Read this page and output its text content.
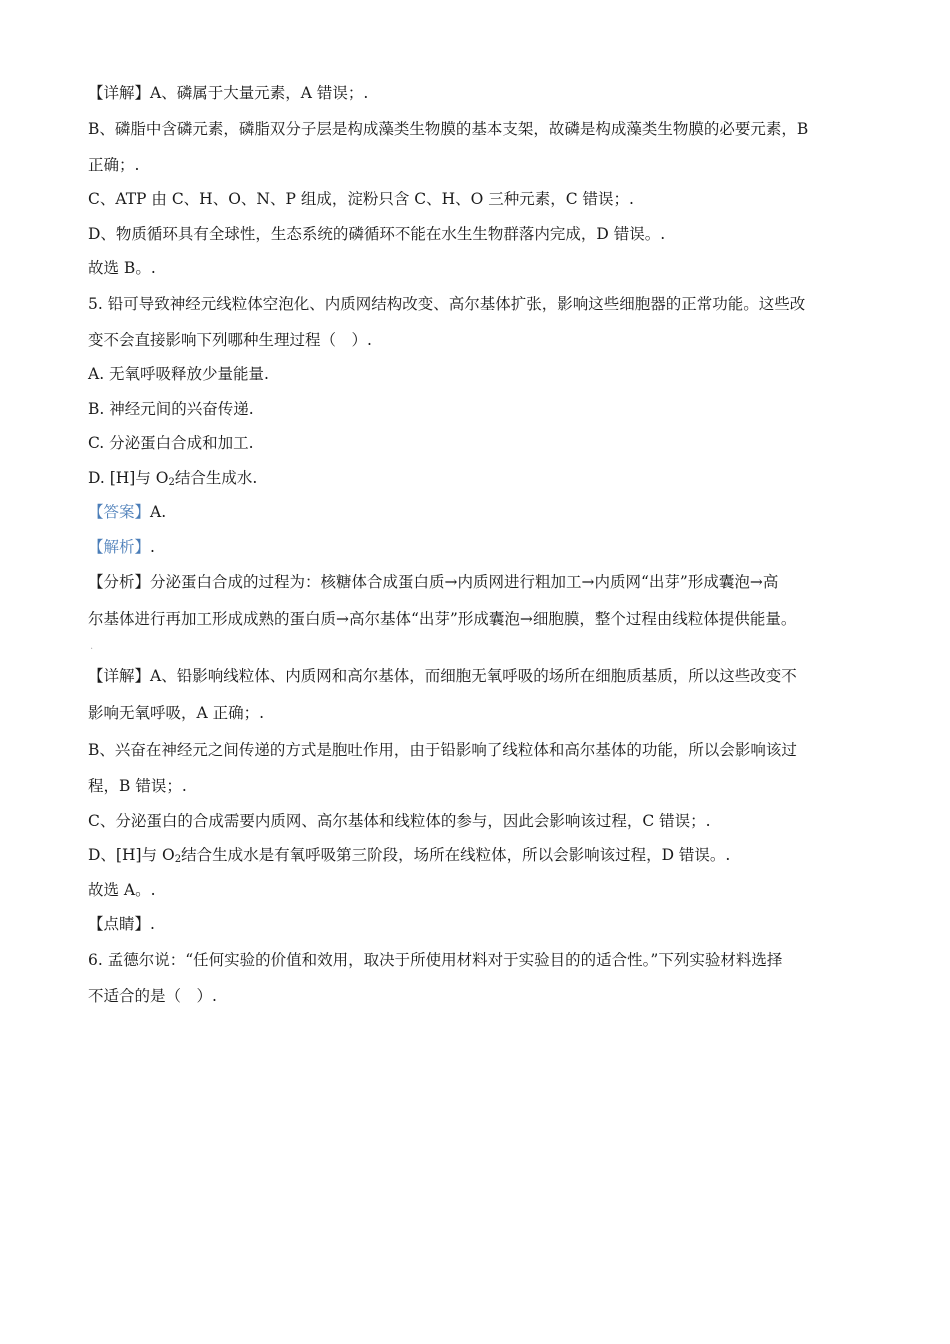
【详解】A、磷属于大量元素，A 错误；.
B、磷脂中含磷元素，磷脂双分子层是构成藻类生物膜的基本支架，故磷是构成藻类生物膜的必要元素，B
正确；.
C、ATP 由 C、H、O、N、P 组成，淀粉只含 C、H、O 三种元素，C 错误；.
D、物质循环具有全球性，生态系统的磷循环不能在水生生物群落内完成，D 错误。.
故选 B。.
5. 铅可导致神经元线粒体空泡化、内质网结构改变、高尔基体扩张，影响这些细胞器的正常功能。这些改
变不会直接影响下列哪种生理过程（　）.
A. 无氧呼吸释放少量能量.
B. 神经元间的兴奋传递.
C. 分泌蛋白合成和加工.
D. [H]与 $O_2$结合生成水.
【答案】A.
【解析】.
【分析】分泌蛋白合成的过程为：核糖体合成蛋白质→内质网进行粗加工→内质网“出芽”形成囊泡→高
尔基体进行再加工形成成熟的蛋白质→高尔基体“出芽”形成囊泡→细胞膜，整个过程由线粒体提供能量。
.
【详解】A、铅影响线粒体、内质网和高尔基体，而细胞无氧呼吸的场所在细胞质基质，所以这些改变不
影响无氧呼吸，A 正确；.
B、兴奋在神经元之间传递的方式是胞吐作用，由于铅影响了线粒体和高尔基体的功能，所以会影响该过
程，B 错误；.
C、分泌蛋白的合成需要内质网、高尔基体和线粒体的参与，因此会影响该过程，C 错误；.
D、[H]与 $O_2$结合生成水是有氧呼吸第三阶段，场所在线粒体，所以会影响该过程，D 错误。.
故选 A。.
【点睛】.
6. 孟德尔说：“任何实验的价值和效用，取决于所使用材料对于实验目的的适合性。”下列实验材料选择
不适合的是（　）.
